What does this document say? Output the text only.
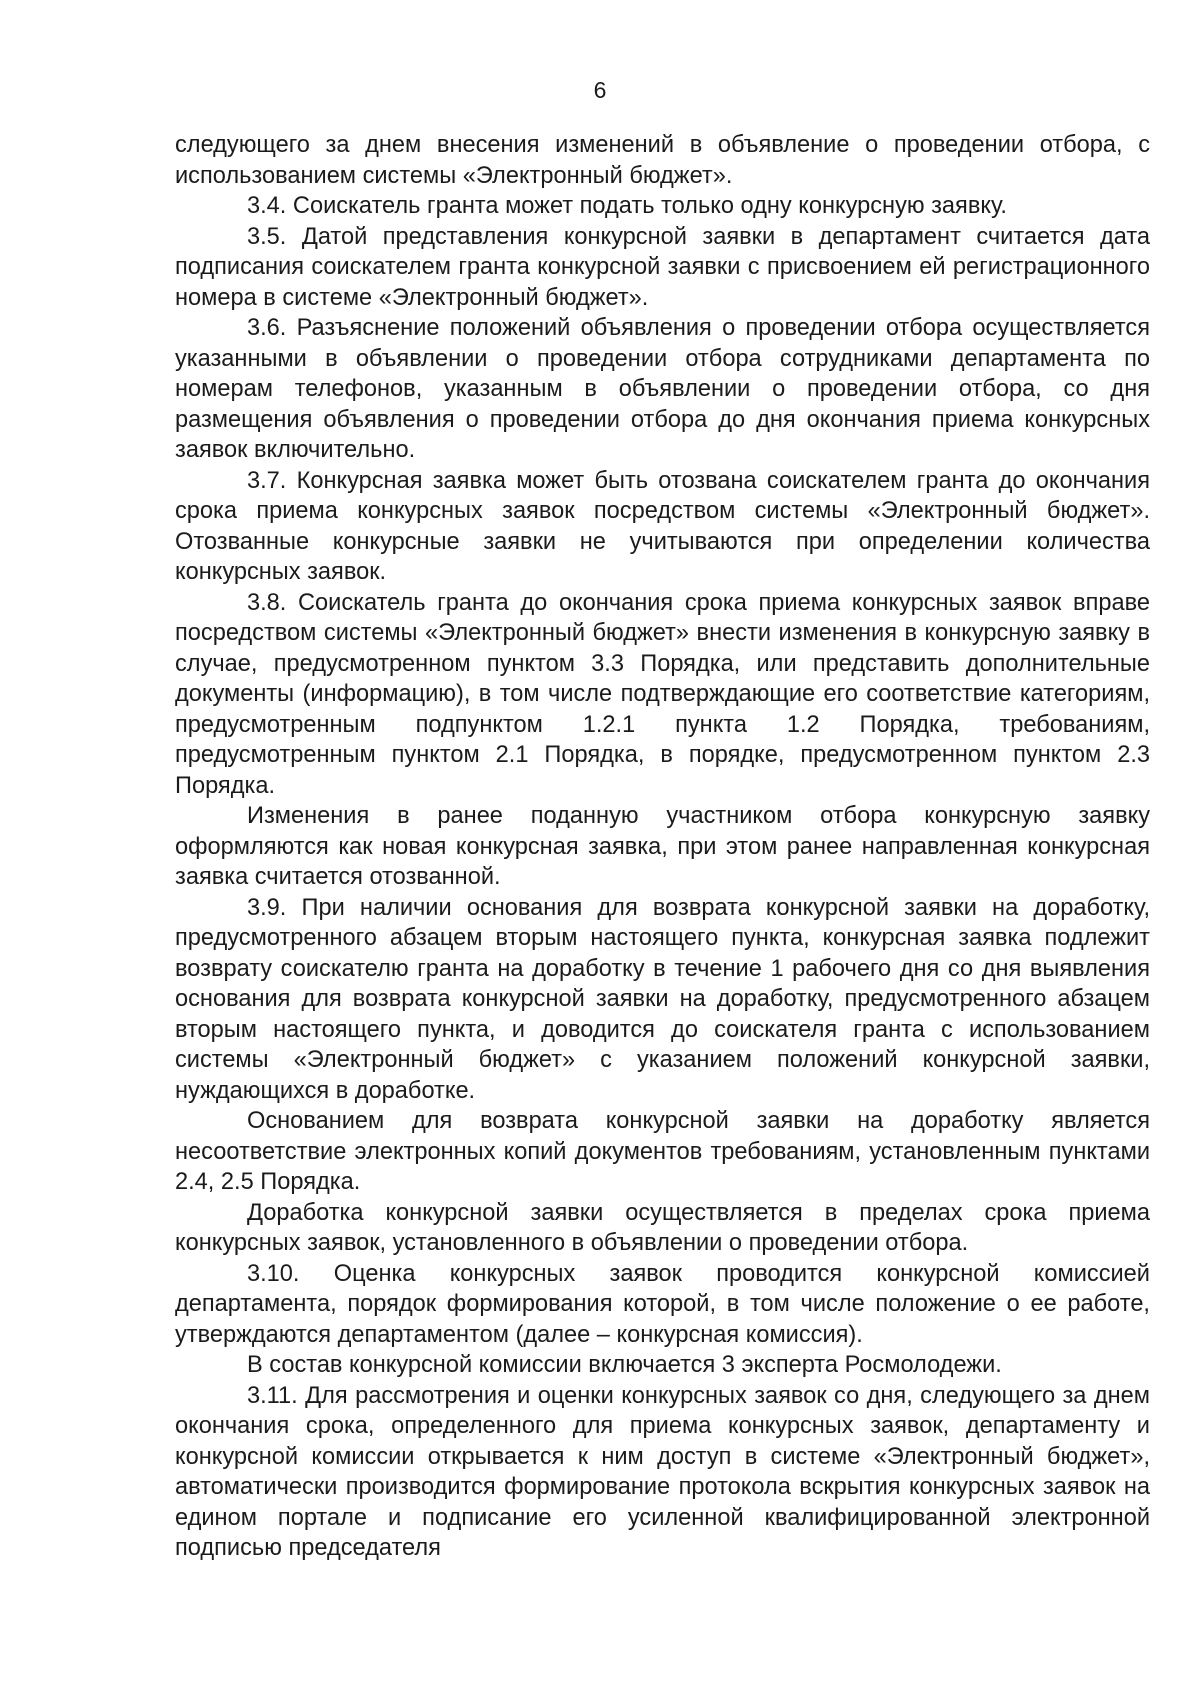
6

следующего за днем внесения изменений в объявление о проведении отбора, с использованием системы «Электронный бюджет».

3.4. Соискатель гранта может подать только одну конкурсную заявку.

3.5. Датой представления конкурсной заявки в департамент считается дата подписания соискателем гранта конкурсной заявки с присвоением ей регистрационного номера в системе «Электронный бюджет».

3.6. Разъяснение положений объявления о проведении отбора осуществляется указанными в объявлении о проведении отбора сотрудниками департамента по номерам телефонов, указанным в объявлении о проведении отбора, со дня размещения объявления о проведении отбора до дня окончания приема конкурсных заявок включительно.

3.7. Конкурсная заявка может быть отозвана соискателем гранта до окончания срока приема конкурсных заявок посредством системы «Электронный бюджет». Отозванные конкурсные заявки не учитываются при определении количества конкурсных заявок.

3.8. Соискатель гранта до окончания срока приема конкурсных заявок вправе посредством системы «Электронный бюджет» внести изменения в конкурсную заявку в случае, предусмотренном пунктом 3.3 Порядка, или представить дополнительные документы (информацию), в том числе подтверждающие его соответствие категориям, предусмотренным подпунктом 1.2.1 пункта 1.2 Порядка, требованиям, предусмотренным пунктом 2.1 Порядка, в порядке, предусмотренном пунктом 2.3 Порядка.

Изменения в ранее поданную участником отбора конкурсную заявку оформляются как новая конкурсная заявка, при этом ранее направленная конкурсная заявка считается отозванной.

3.9. При наличии основания для возврата конкурсной заявки на доработку, предусмотренного абзацем вторым настоящего пункта, конкурсная заявка подлежит возврату соискателю гранта на доработку в течение 1 рабочего дня со дня выявления основания для возврата конкурсной заявки на доработку, предусмотренного абзацем вторым настоящего пункта, и доводится до соискателя гранта с использованием системы «Электронный бюджет» с указанием положений конкурсной заявки, нуждающихся в доработке.

Основанием для возврата конкурсной заявки на доработку является несоответствие электронных копий документов требованиям, установленным пунктами 2.4, 2.5 Порядка.

Доработка конкурсной заявки осуществляется в пределах срока приема конкурсных заявок, установленного в объявлении о проведении отбора.

3.10. Оценка конкурсных заявок проводится конкурсной комиссией департамента, порядок формирования которой, в том числе положение о ее работе, утверждаются департаментом (далее – конкурсная комиссия).

В состав конкурсной комиссии включается 3 эксперта Росмолодежи.

3.11. Для рассмотрения и оценки конкурсных заявок со дня, следующего за днем окончания срока, определенного для приема конкурсных заявок, департаменту и конкурсной комиссии открывается к ним доступ в системе «Электронный бюджет», автоматически производится формирование протокола вскрытия конкурсных заявок на едином портале и подписание его усиленной квалифицированной электронной подписью председателя
